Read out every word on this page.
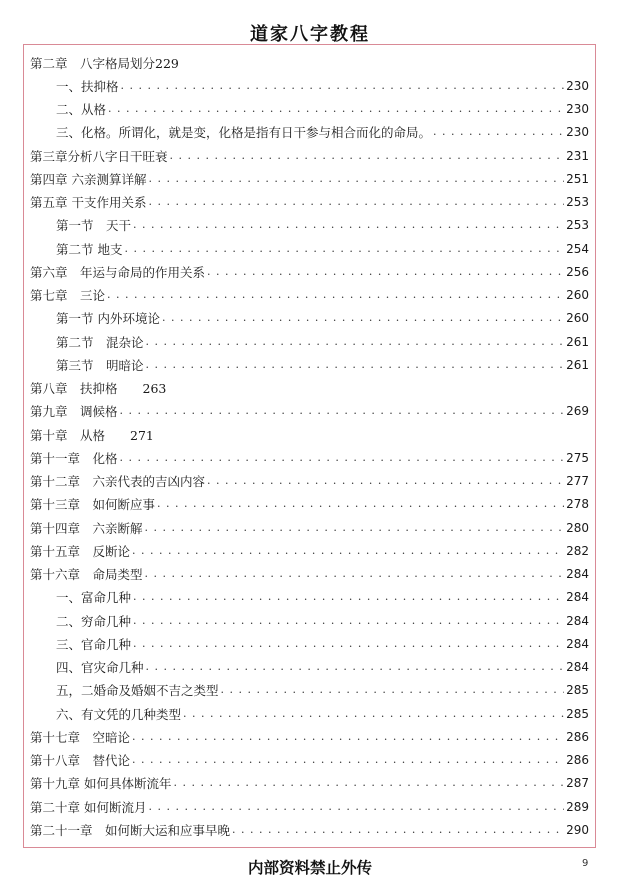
道家八字教程
第二章　八字格局划分229
一、扶抑格 . . .	230
二、从格 . . .	230
三、化格。所谓化，就是变，化格是指有日干参与相合而化的命局。 . . .	230
第三章分析八字日干旺衰 . . .	231
第四章 六亲测算详解 . . .	251
第五章 干支作用关系 . . .	253
第一节　天干 . . .	253
第二节 地支 . . .	254
第六章　年运与命局的作用关系 . . .	256
第七章　三论 . . .	260
第一节 内外环境论 . . .	260
第二节　混杂论 . . .	261
第三节　明暗论 . . .	261
第八章　扶抑格　　263
第九章　调候格 . . .	269
第十章　从格　　271
第十一章　化格 . . .	275
第十二章　六亲代表的吉凶内容 . . .	277
第十三章　如何断应事 . . .	278
第十四章　六亲断解 . . .	280
第十五章　反断论 . . .	282
第十六章　命局类型 . . .	284
一、富命几种 . . .	284
二、穷命几种 . . .	284
三、官命几种 . . .	284
四、官灾命几种 . . .	284
五，二婚命及婚姻不吉之类型 . . .	285
六、有文凭的几种类型 . . .	285
第十七章　空暗论 . . .	286
第十八章　替代论 . . .	286
第十九章 如何具体断流年 . . .	287
第二十章 如何断流月 . . .	289
第二十一章　如何断大运和应事早晚 . . .	290
内部资料禁止外传	9
